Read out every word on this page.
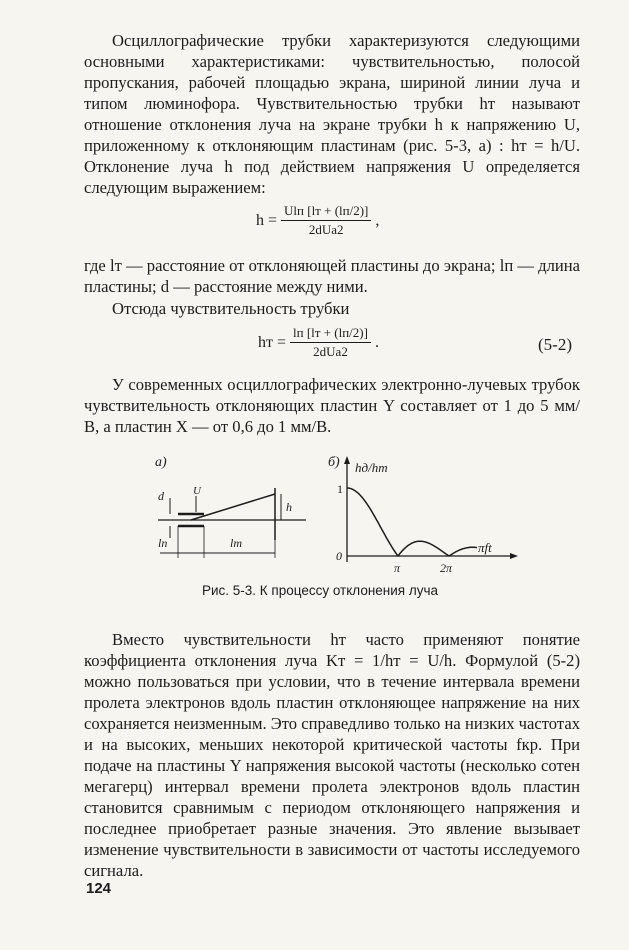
Осциллографические трубки характеризуются следующими основными характеристиками: чувствительностью, полосой пропускания, рабочей площадью экрана, шириной линии луча и типом люминофора. Чувствительностью трубки hт называют отношение отклонения луча на экране трубки h к напряжению U, приложенному к отклоняющим пластинам (рис. 5-3, а) : hт = h/U. Отклонение луча h под действием напряжения U определяется следующим выражением:

$h = \frac{\text{Ulп [lт + (lп/2)]}}{\text{2dUа2}}$ ,

где lт — расстояние от отклоняющей пластины до экрана; lп — длина пластины; d — расстояние между ними.

Отсюда чувствительность трубки

hт = $\frac{lп [lт + (lп/2)]}{\text{2dUа2}}$ .	(5-2)

У современных осциллографических электронно-лучевых трубок чувствительность отклоняющих пластин Y составляет от 1 до 5 мм/В, а пластин X — от 0,6 до 1 мм/В.

а)
h
d	U
lп	lт
б) hд/hт
πft
1
0
π	2π

Рис. 5-3. К процессу отклонения луча

Вместо чувствительности hт часто применяют понятие коэффициента отклонения луча Kт = 1/hт = U/h. Формулой (5-2) можно пользоваться при условии, что в течение интервала времени пролета электронов вдоль пластин отклоняющее напряжение на них сохраняется неизменным. Это справедливо только на низких частотах и на высоких, меньших некоторой критической частоты fкр. При подаче на пластины Y напряжения высокой частоты (несколько сотен мегагерц) интервал времени пролета электронов вдоль пластин становится сравнимым с периодом отклоняющего напряжения и последнее приобретает разные значения. Это явление вызывает изменение чувствительности в зависимости от частоты исследуемого сигнала.

124
